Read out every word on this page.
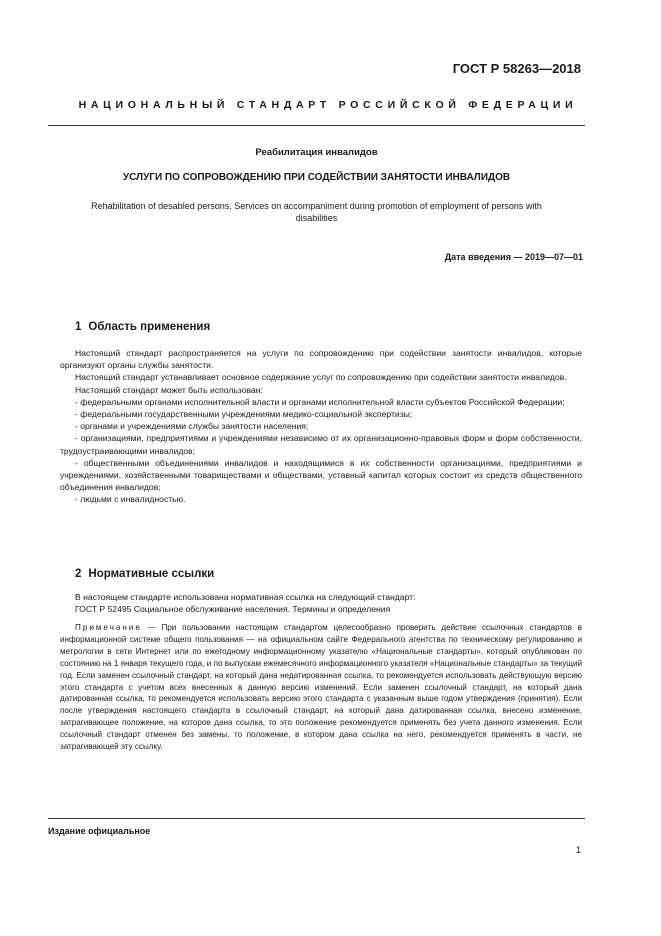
ГОСТ Р 58263—2018
НАЦИОНАЛЬНЫЙ СТАНДАРТ РОССИЙСКОЙ ФЕДЕРАЦИИ
Реабилитация инвалидов
УСЛУГИ ПО СОПРОВОЖДЕНИЮ ПРИ СОДЕЙСТВИИ ЗАНЯТОСТИ ИНВАЛИДОВ
Rehabilitation of desabled persons. Services on accompaniment during promotion of employment of persons with disabilities
Дата введения — 2019—07—01
1 Область применения

Настоящий стандарт распространяется на услуги по сопровождению при содействии занятости инвалидов, которые организуют органы службы занятости.

Настоящий стандарт устанавливает основное содержание услуг по сопровождению при содействии занятости инвалидов.

Настоящий стандарт может быть использован:

- федеральными органами исполнительной власти и органами исполнительной власти субъектов Российской Федерации;

- федеральными государственными учреждениями медико-социальной экспертизы;

- органами и учреждениями службы занятости населения;

- организациями, предприятиями и учреждениями независимо от их организационно-правовых форм и форм собственности, трудоустраивающими инвалидов;

- общественными объединениями инвалидов и находящимися в их собственности организациями, предприятиями и учреждениями, хозяйственными товариществами и обществами, уставный капитал которых состоит из средств общественного объединения инвалидов;

- людьми с инвалидностью.

2 Нормативные ссылки

В настоящем стандарте использована нормативная ссылка на следующий стандарт:

ГОСТ Р 52495 Социальное обслуживание населения. Термины и определения

Примечание — При пользовании настоящим стандартом целесообразно проверить действие ссылочных стандартов в информационной системе общего пользования — на официальном сайте Федерального агентства по техническому регулированию и метрологии в сети Интернет или по ежегодному информационному указателю «Национальные стандарты», который опубликован по состоянию на 1 января текущего года, и по выпускам ежемесячного информационного указателя «Национальные стандарты» за текущий год. Если заменен ссылочный стандарт, на который дана недатированная ссылка, то рекомендуется использовать действующую версию этого стандарта с учетом всех внесенных в данную версию изменений. Если заменен ссылочный стандарт, на который дана датированная ссылка, то рекомендуется использовать версию этого стандарта с указанным выше годом утверждения (принятия). Если после утверждения настоящего стандарта в ссылочный стандарт, на который дана датированная ссылка, внесено изменение, затрагивающее положение, на которое дана ссылка, то это положение рекомендуется применять без учета данного изменения. Если ссылочный стандарт отменен без замены, то положение, в котором дана ссылка на него, рекомендуется применять в части, не затрагивающей эту ссылку.

Издание официальное
1
